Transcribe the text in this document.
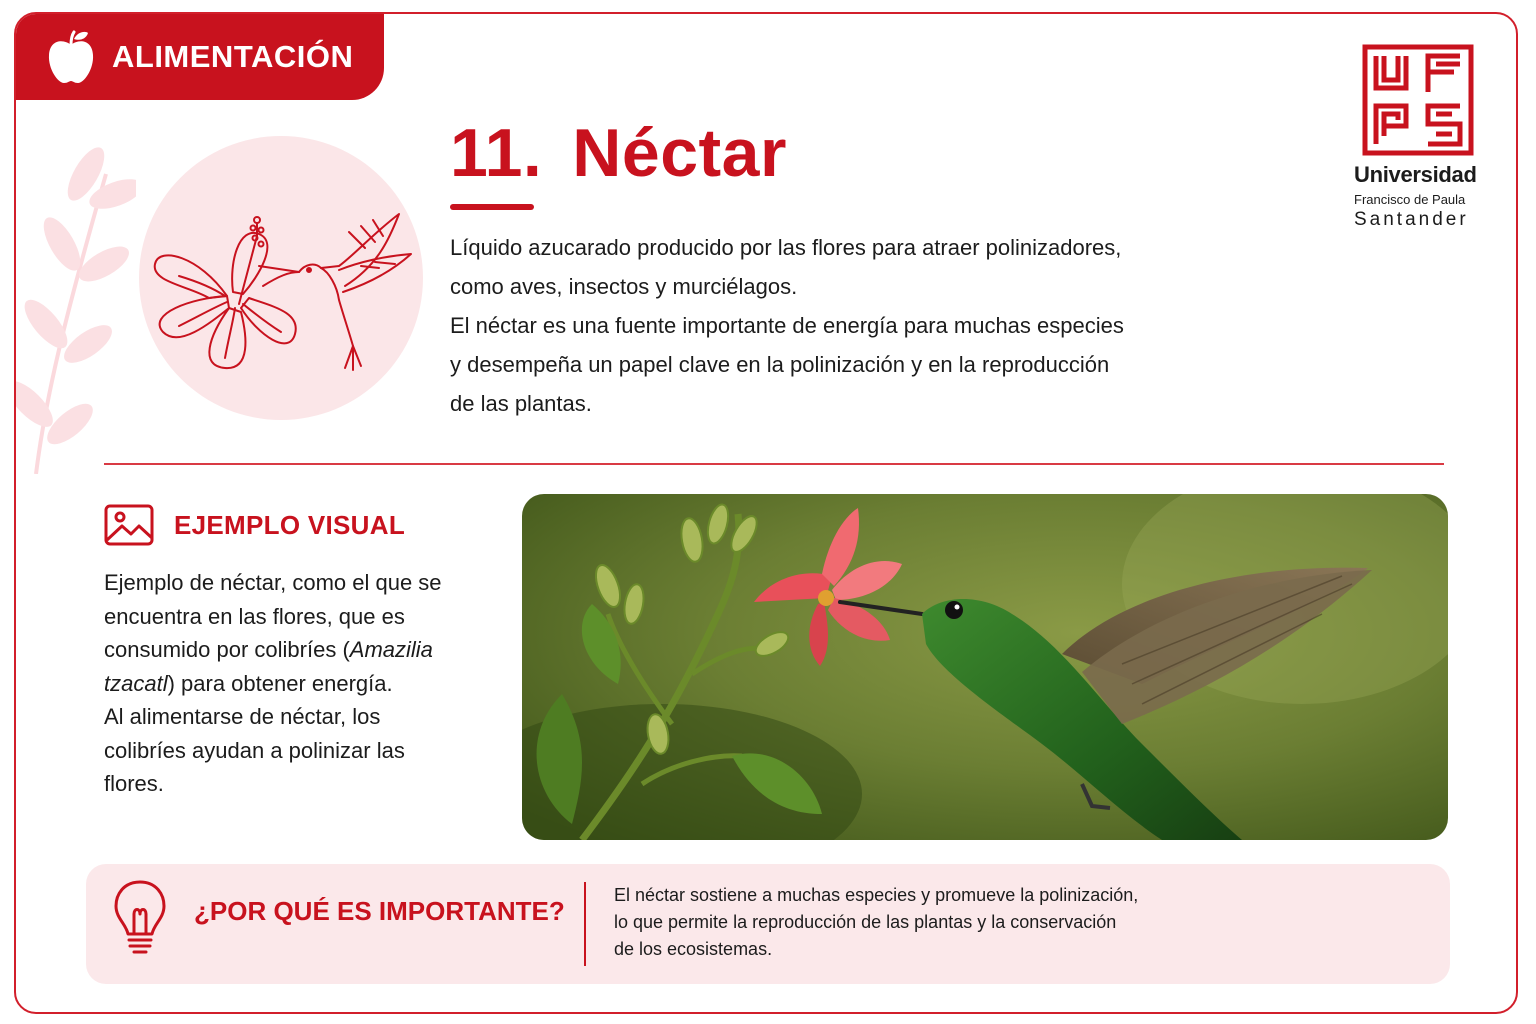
ALIMENTACIÓN
11. Néctar

Líquido azucarado producido por las flores para atraer polinizadores,

como aves, insectos y murciélagos.

El néctar es una fuente importante de energía para muchas especies

y desempeña un papel clave en la polinización y en la reproducción

de las plantas.

Universidad
Francisco de Paula
Santander
EJEMPLO VISUAL
Ejemplo de néctar, como el que se encuentra en las flores, que es consumido por colibríes (Amazilia tzacatl) para obtener energía.
Al alimentarse de néctar, los colibríes ayudan a polinizar las flores.
¿POR QUÉ ES IMPORTANTE?
El néctar sostiene a muchas especies y promueve la polinización,
lo que permite la reproducción de las plantas y la conservación
de los ecosistemas.
